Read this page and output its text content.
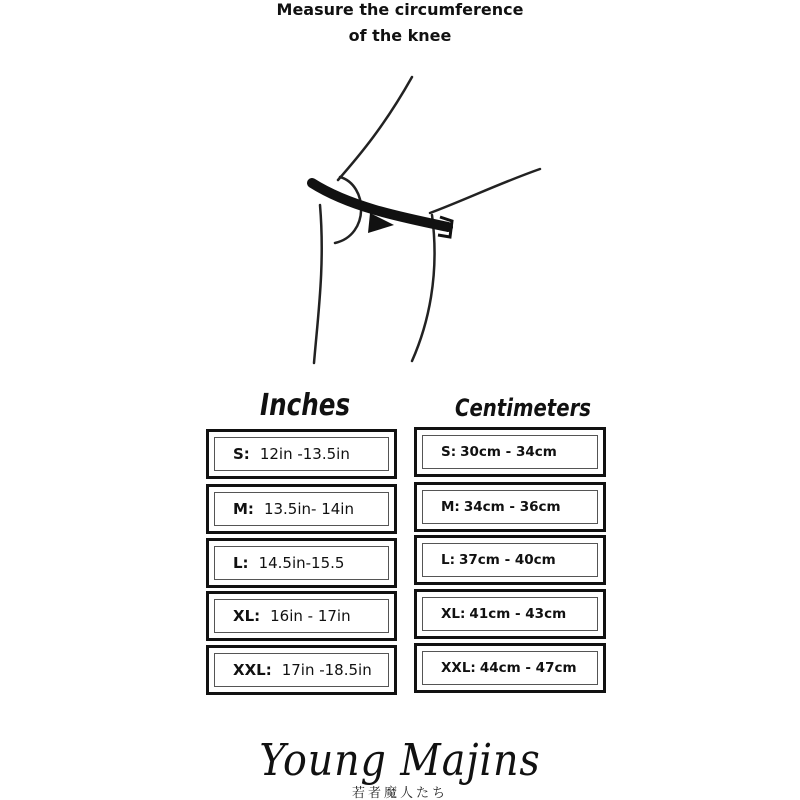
Measure the circumference
of the knee
Inches	Centimeters
S: 12in -13.5in
M: 13.5in- 14in
L: 14.5in-15.5
XL: 16in - 17in
XXL: 17in -18.5in
S: 30cm - 34cm
M: 34cm - 36cm
L: 37cm - 40cm
XL: 41cm - 43cm
XXL: 44cm - 47cm
Young Majins
若者魔人たち
